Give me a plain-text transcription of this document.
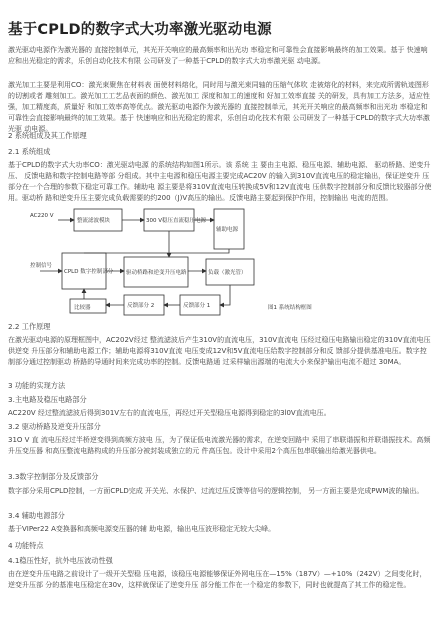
基于CPLD的数字式大功率激光驱动电源
激光驱动电源作为激光器的 直接控制单元，其光开关响应的最高频率和出光功 率稳定和可靠性会直接影响最终的加工效果。基于 快速响应和出光稳定的需求，乐创自动化技术有限 公司研发了一种基于CPLD的数字式大功率激光驱 动电源。
激光加工主要是利用CO：激光束聚焦在材料表 面使材料熔化，同时用与激光束同轴的压缩气体吹 走被熔化的材料，来完成所需轨迹图形的切割或者 雕刻加工。激光加工工艺品表面的颜色、激光加工 深度和加工的速度和 好加工效率直接 关的研发，具有加工方法多，适应性强，加工精度高，质量好 和加工效率高等优点。激光驱动电源作为激光器的 直接控制单元，其光开关响应的最高频率和出光功 率稳定和可靠性会直接影响最终的加工效果。基于 快速响应和出光稳定的需求，乐创自动化技术有限 公司研发了一种基于CPLD的数字式大功率激光驱 动电源。
2 系统组成及其工作原理
2.1 系统组成
基于CPLD的数字式大功率CO：激光驱动电源 的系统结构如图1所示。该 系统 主 要由主电源、稳压电源、辅助电源、 驱动桥路、逆变升压、 反馈电路和数字控制电路等部 分组成。其中主电源和稳压电源主要完成AC20V 的输入到310V直流电压的稳定输出，保证逆变升 压部分在一个合理的参数下稳定可靠工作。辅助电 源主要是将310V直流电压转换成5V和12V直流电 压供数字控制部分和反馈比较器部分使用。驱动桥 路和逆变升压主要完成负载需要的约200（J)V高压的输出。反馈电路主要起到保护作用，控制输出 电流的范围。
AC220 V
整流滤波模块	300 V稳压直流稳压电源
辅助电源
控制信号
CPLD 数字控制部分 驱动桥路和逆变升压电路	负载（激光管）
比较器	反馈部分 2	反馈部分 1	图1 系统结构框图
2.2 工作原理
在激光驱动电源的原理框图中，AC202V经过 整流滤波后产生310V的直流电压，310V直流电 压经过稳压电路输出稳定的310V直流电压供逆变 升压部分和辅助电源工作；辅助电源将310V直流 电压变成12V和5V直流电压给数字控制部分和反 馈部分提供基准电压。数字控制部分通过控制驱动 桥路的导通时间来完成功率的控制。反馈电路通 过采样输出源端的电流大小来保护输出电流不超过 30MA。
3 功能的实现方法
3.主电路及稳压电路部分
AC220V 经过整流滤波后得到301V左右的直流电压，再经过开关型稳压电源得到稳定的3l0V直流电压。
3.2 驱动桥路及逆变升压部分
31O V 直 流电压经过半桥逆变得到高频方波电 压，为了保证低电流激光器的需求，在逆变回路中 采用了串联谐振和并联谐振技术。高频升压变压器 和高压整流电路构成的升压部分被封装成独立的元 件高压包。设计中采用2个高压包串联输出给激光器供电。
3.3数字控制部分及反馈部分
数字部分采用CPLD控制，一方面CPLD完成 开关光、水保护、过流过压反馈等信号的逻辑控制， 另一方面主要是完成PWM波的输出。
3.4 辅助电源部分
基于VIPer22 A变换器和高频电源变压器的辅 助电源，输出电压波形稳定无较大尖峰。
4 功能特点
4.1稳压性好，抗外电压波动性强
由在逆变升压电路之前设计了一级开关型稳 压电源，该稳压电源能够保证外网电压在—15%（187V）—+10%（242V）之间变化时，逆变升压部 分的基准电压稳定在30v，这样就保证了逆变升压 部分能工作在一个稳定的参数下，同时也就提高了其工作的稳定性。
